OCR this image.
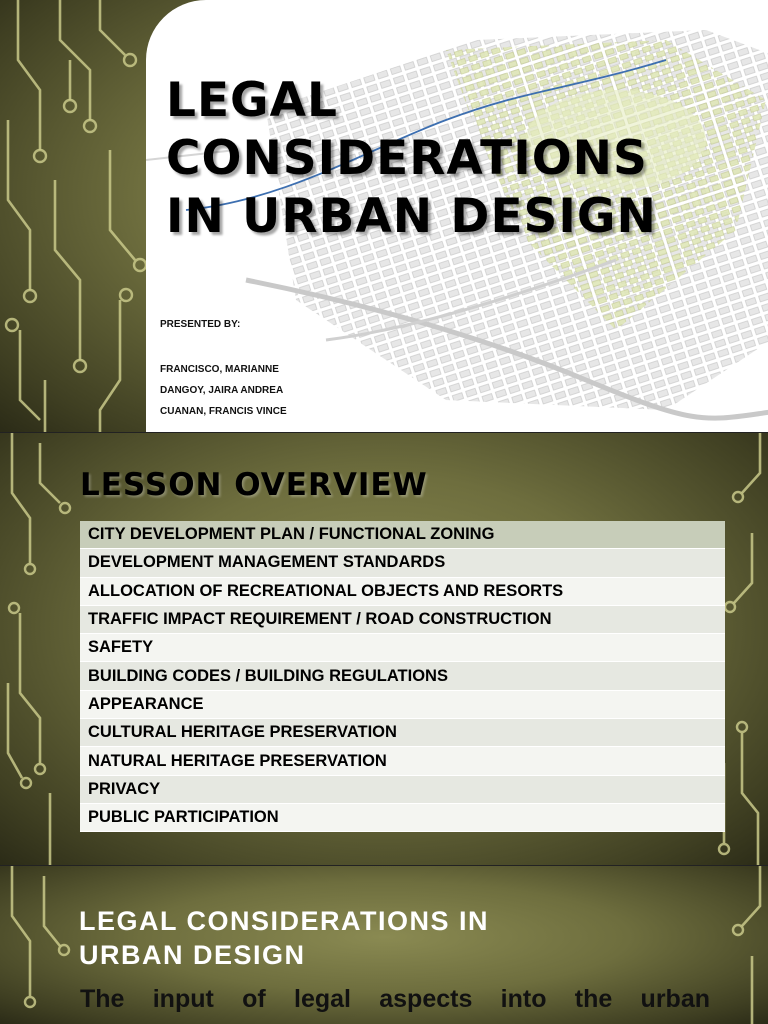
LEGAL
CONSIDERATIONS
IN URBAN DESIGN
PRESENTED BY:
FRANCISCO, MARIANNE
DANGOY, JAIRA ANDREA
CUANAN, FRANCIS VINCE
LESSON OVERVIEW
CITY DEVELOPMENT PLAN / FUNCTIONAL ZONING
DEVELOPMENT MANAGEMENT STANDARDS
ALLOCATION OF RECREATIONAL OBJECTS AND RESORTS
TRAFFIC IMPACT REQUIREMENT / ROAD CONSTRUCTION
SAFETY
BUILDING CODES / BUILDING REGULATIONS
APPEARANCE
CULTURAL HERITAGE PRESERVATION
NATURAL HERITAGE PRESERVATION
PRIVACY
PUBLIC PARTICIPATION
LEGAL CONSIDERATIONS IN
URBAN DESIGN

The input of legal aspects into the urban
